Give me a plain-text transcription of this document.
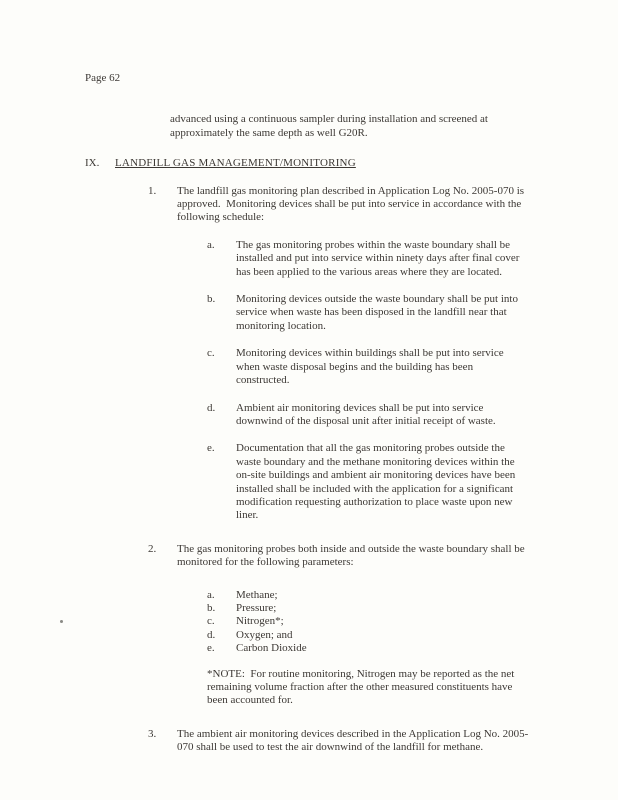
Page 62

advanced using a continuous sampler during installation and screened at approximately the same depth as well G20R.

IX.	LANDFILL GAS MANAGEMENT/MONITORING
1.	The landfill gas monitoring plan described in Application Log No. 2005-070 is approved.  Monitoring devices shall be put into service in accordance with the following schedule:

a.	The gas monitoring probes within the waste boundary shall be installed and put into service within ninety days after final cover has been applied to the various areas where they are located.

b.	Monitoring devices outside the waste boundary shall be put into service when waste has been disposed in the landfill near that monitoring location.

c.	Monitoring devices within buildings shall be put into service when waste disposal begins and the building has been constructed.

d.	Ambient air monitoring devices shall be put into service downwind of the disposal unit after initial receipt of waste.

e.	Documentation that all the gas monitoring probes outside the waste boundary and the methane monitoring devices within the on-site buildings and ambient air monitoring devices have been installed shall be included with the application for a significant modification requesting authorization to place waste upon new liner.

2.	The gas monitoring probes both inside and outside the waste boundary shall be monitored for the following parameters:

a.	Methane;

b.	Pressure;

c.	Nitrogen*;

d.	Oxygen; and

e.	Carbon Dioxide

*NOTE:  For routine monitoring, Nitrogen may be reported as the net remaining volume fraction after the other measured constituents have been accounted for.

3.	The ambient air monitoring devices described in the Application Log No. 2005-070 shall be used to test the air downwind of the landfill for methane.
